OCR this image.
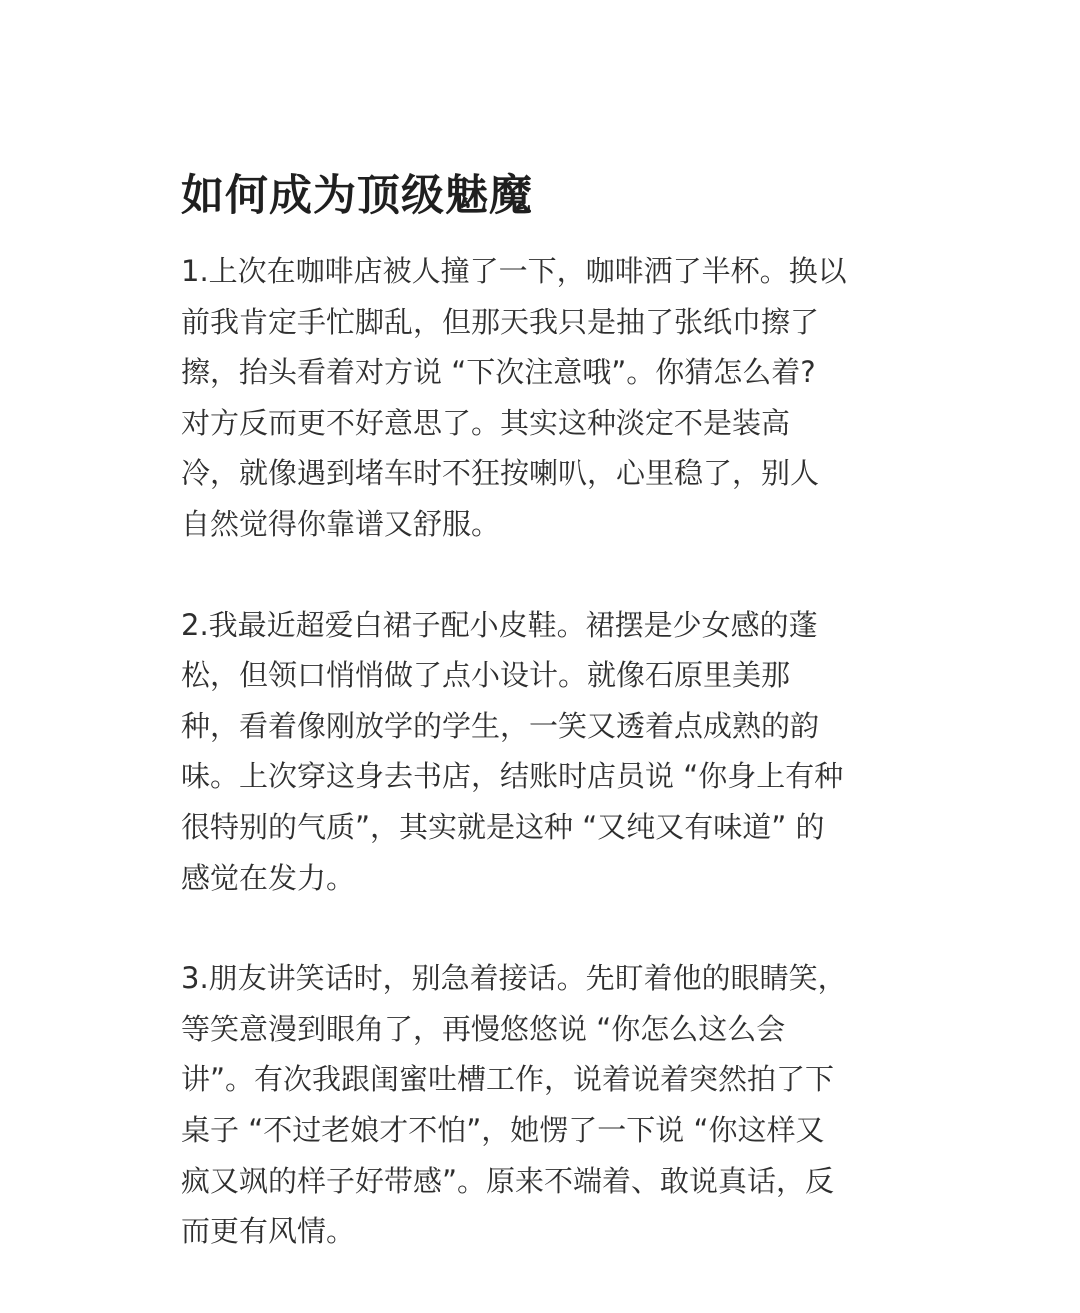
如何成为顶级魅魔

1.上次在咖啡店被人撞了一下，咖啡洒了半杯。换以
前我肯定手忙脚乱，但那天我只是抽了张纸巾擦了
擦，抬头看着对方说 “下次注意哦”。你猜怎么着?
对方反而更不好意思了。其实这种淡定不是装高
冷，就像遇到堵车时不狂按喇叭，心里稳了，别人
自然觉得你靠谱又舒服。

2.我最近超爱白裙子配小皮鞋。裙摆是少女感的蓬
松，但领口悄悄做了点小设计。就像石原里美那
种，看着像刚放学的学生，一笑又透着点成熟的韵
味。上次穿这身去书店，结账时店员说 “你身上有种
很特别的气质”，其实就是这种 “又纯又有味道” 的
感觉在发力。

3.朋友讲笑话时，别急着接话。先盯着他的眼睛笑，
等笑意漫到眼角了，再慢悠悠说 “你怎么这么会
讲”。有次我跟闺蜜吐槽工作，说着说着突然拍了下
桌子 “不过老娘才不怕”，她愣了一下说 “你这样又
疯又飒的样子好带感”。原来不端着、敢说真话，反
而更有风情。
